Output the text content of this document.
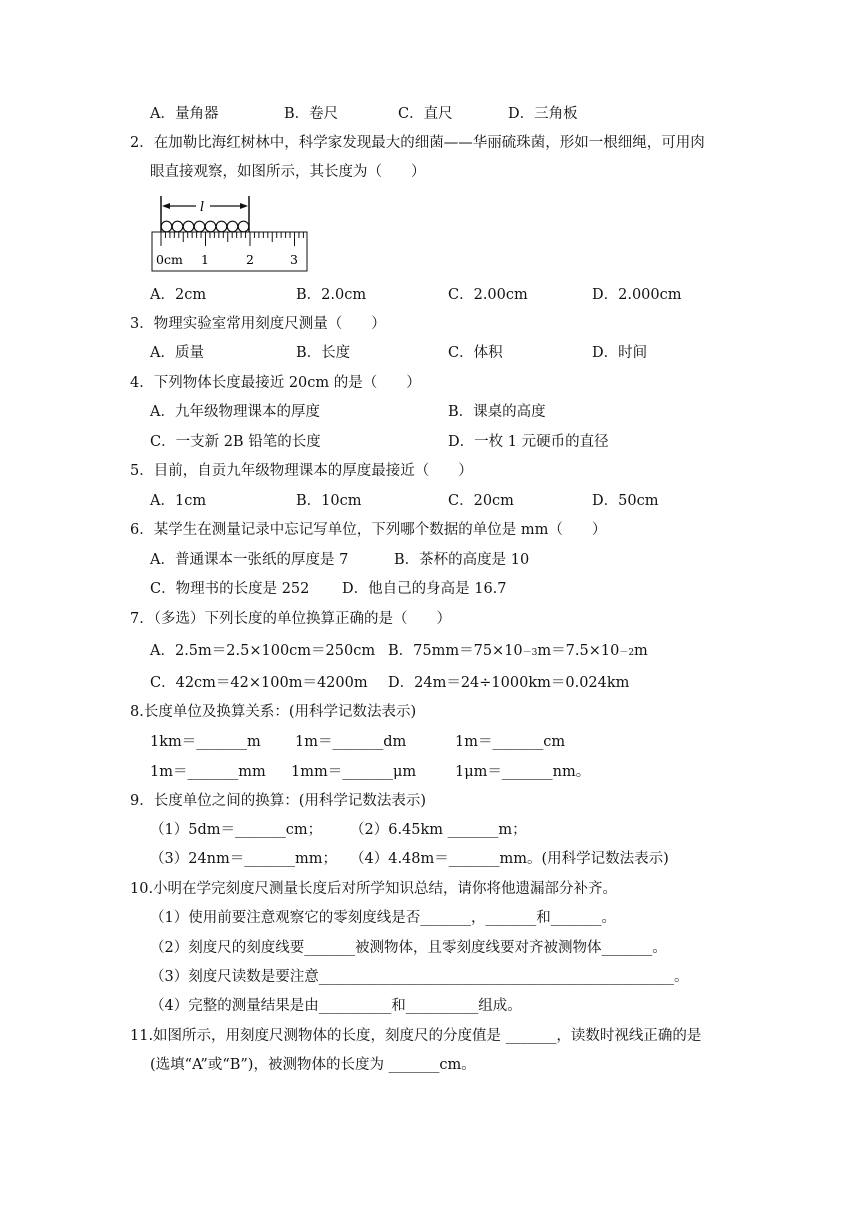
A．量角器	B．卷尺	C．直尺	D．三角板
2．在加勒比海红树林中，科学家发现最大的细菌——华丽硫珠菌，形如一根细绳，可用肉
眼直接观察，如图所示，其长度为（　　）
l
0cm 1	2	3
A．2cm	B．2.0cm	C．2.00cm	D．2.000cm
3．物理实验室常用刻度尺测量（　　）
A．质量	B．长度	C．体积	D．时间
4．下列物体长度最接近 20cm 的是（　　）
A．九年级物理课本的厚度	B．课桌的高度
C．一支新 2B 铅笔的长度	D．一枚 1 元硬币的直径
5．目前，自贡九年级物理课本的厚度最接近（　　）
A．1cm	B．10cm	C．20cm	D．50cm
6．某学生在测量记录中忘记写单位，下列哪个数据的单位是 mm（　　）
A．普通课本一张纸的厚度是 7	B．茶杯的高度是 10
C．物理书的长度是 252 D．他自己的身高是 16.7
7．（多选）下列长度的单位换算正确的是（　　）
A．2.5m＝2.5×100cm＝250cm B．75mm＝75×10－3m＝7.5×10－2m
C．42cm＝42×100m＝4200m D．24m＝24÷1000km＝0.024km
8.长度单位及换算关系：(用科学记数法表示)
1km＝_______m 1m＝_______dm	1m＝_______cm
1m＝_______mm 1mm＝_______μm	1μm＝_______nm。
9．长度单位之间的换算：(用科学记数法表示)
（1）5dm＝_______cm； （2）6.45km _______m；
（3）24nm＝_______mm； （4）4.48m＝_______mm。(用科学记数法表示)
10.小明在学完刻度尺测量长度后对所学知识总结，请你将他遗漏部分补齐。
（1）使用前要注意观察它的零刻度线是否_______，_______和_______。
（2）刻度尺的刻度线要_______被测物体，且零刻度线要对齐被测物体_______。
（3）刻度尺读数是要注意_________________________________________________。
（4）完整的测量结果是由__________和__________组成。
11.如图所示，用刻度尺测物体的长度，刻度尺的分度值是 _______，读数时视线正确的是
(选填“A”或“B”)，被测物体的长度为 _______cm。
